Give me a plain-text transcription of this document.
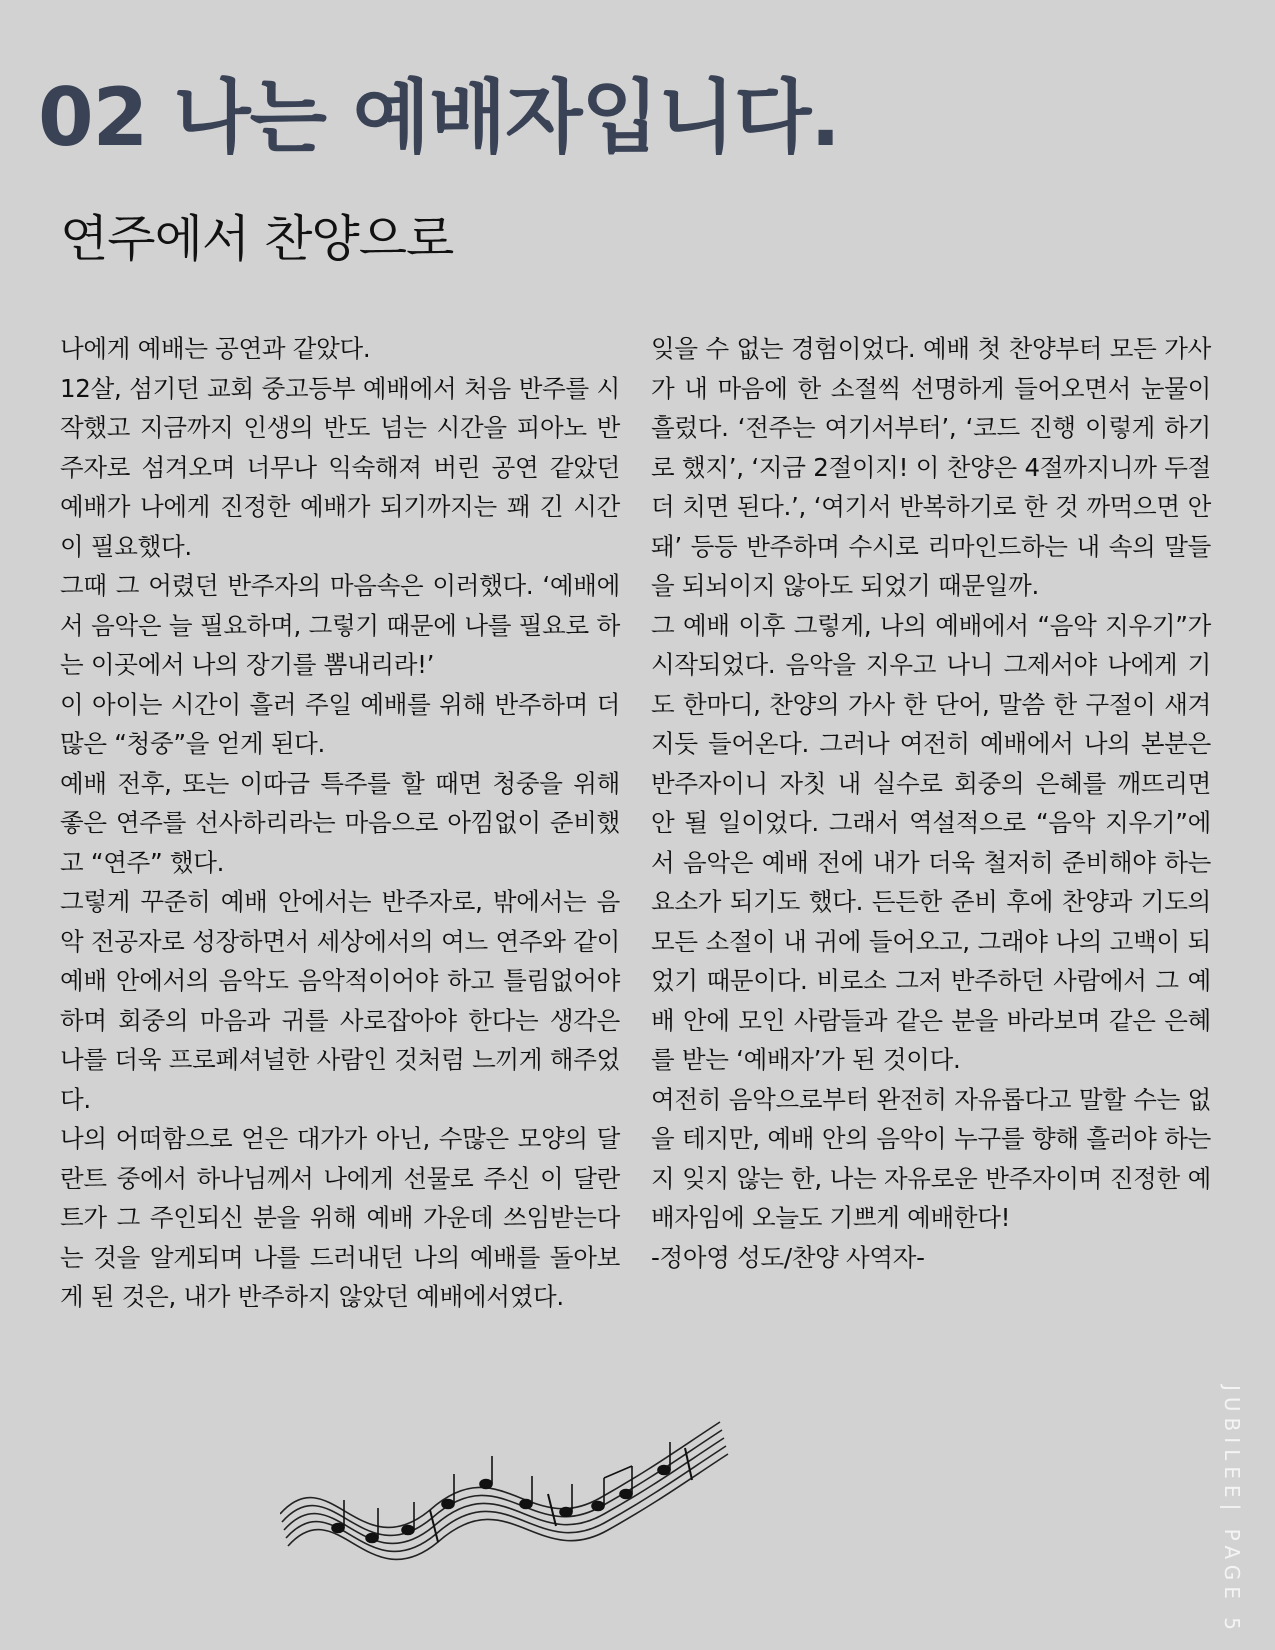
02 나는 예배자입니다.
연주에서 찬양으로

나에게 예배는 공연과 같았다.

12살, 섬기던 교회 중고등부 예배에서 처음 반주를 시작했고 지금까지 인생의 반도 넘는 시간을 피아노 반주자로 섬겨오며 너무나 익숙해져 버린 공연 같았던 예배가 나에게 진정한 예배가 되기까지는 꽤 긴 시간이 필요했다.

그때 그 어렸던 반주자의 마음속은 이러했다. ‘예배에서 음악은 늘 필요하며, 그렇기 때문에 나를 필요로 하는 이곳에서 나의 장기를 뽐내리라!’

이 아이는 시간이 흘러 주일 예배를 위해 반주하며 더 많은 “청중”을 얻게 된다.

예배 전후, 또는 이따금 특주를 할 때면 청중을 위해 좋은 연주를 선사하리라는 마음으로 아낌없이 준비했고 “연주” 했다.

그렇게 꾸준히 예배 안에서는 반주자로, 밖에서는 음악 전공자로 성장하면서 세상에서의 여느 연주와 같이 예배 안에서의 음악도 음악적이어야 하고 틀림없어야 하며 회중의 마음과 귀를 사로잡아야 한다는 생각은 나를 더욱 프로페셔널한 사람인 것처럼 느끼게 해주었다.

나의 어떠함으로 얻은 대가가 아닌, 수많은 모양의 달란트 중에서 하나님께서 나에게 선물로 주신 이 달란트가 그 주인되신 분을 위해 예배 가운데 쓰임받는다는 것을 알게되며 나를 드러내던 나의 예배를 돌아보게 된 것은, 내가 반주하지 않았던 예배에서였다.

잊을 수 없는 경험이었다. 예배 첫 찬양부터 모든 가사가 내 마음에 한 소절씩 선명하게 들어오면서 눈물이 흘렀다. ‘전주는 여기서부터’, ‘코드 진행 이렇게 하기로 했지’, ‘지금 2절이지! 이 찬양은 4절까지니까 두절 더 치면 된다.’, ‘여기서 반복하기로 한 것 까먹으면 안 돼’ 등등 반주하며 수시로 리마인드하는 내 속의 말들을 되뇌이지 않아도 되었기 때문일까.

그 예배 이후 그렇게, 나의 예배에서 “음악 지우기”가 시작되었다. 음악을 지우고 나니 그제서야 나에게 기도 한마디, 찬양의 가사 한 단어, 말씀 한 구절이 새겨지듯 들어온다. 그러나 여전히 예배에서 나의 본분은 반주자이니 자칫 내 실수로 회중의 은혜를 깨뜨리면 안 될 일이었다. 그래서 역설적으로 “음악 지우기”에서 음악은 예배 전에 내가 더욱 철저히 준비해야 하는 요소가 되기도 했다. 든든한 준비 후에 찬양과 기도의 모든 소절이 내 귀에 들어오고, 그래야 나의 고백이 되었기 때문이다. 비로소 그저 반주하던 사람에서 그 예배 안에 모인 사람들과 같은 분을 바라보며 같은 은혜를 받는 ‘예배자’가 된 것이다.

여전히 음악으로부터 완전히 자유롭다고 말할 수는 없을 테지만, 예배 안의 음악이 누구를 향해 흘러야 하는지 잊지 않는 한, 나는 자유로운 반주자이며 진정한 예배자임에 오늘도 기쁘게 예배한다!

-정아영 성도/찬양 사역자-

JUBILEE| PAGE 5
